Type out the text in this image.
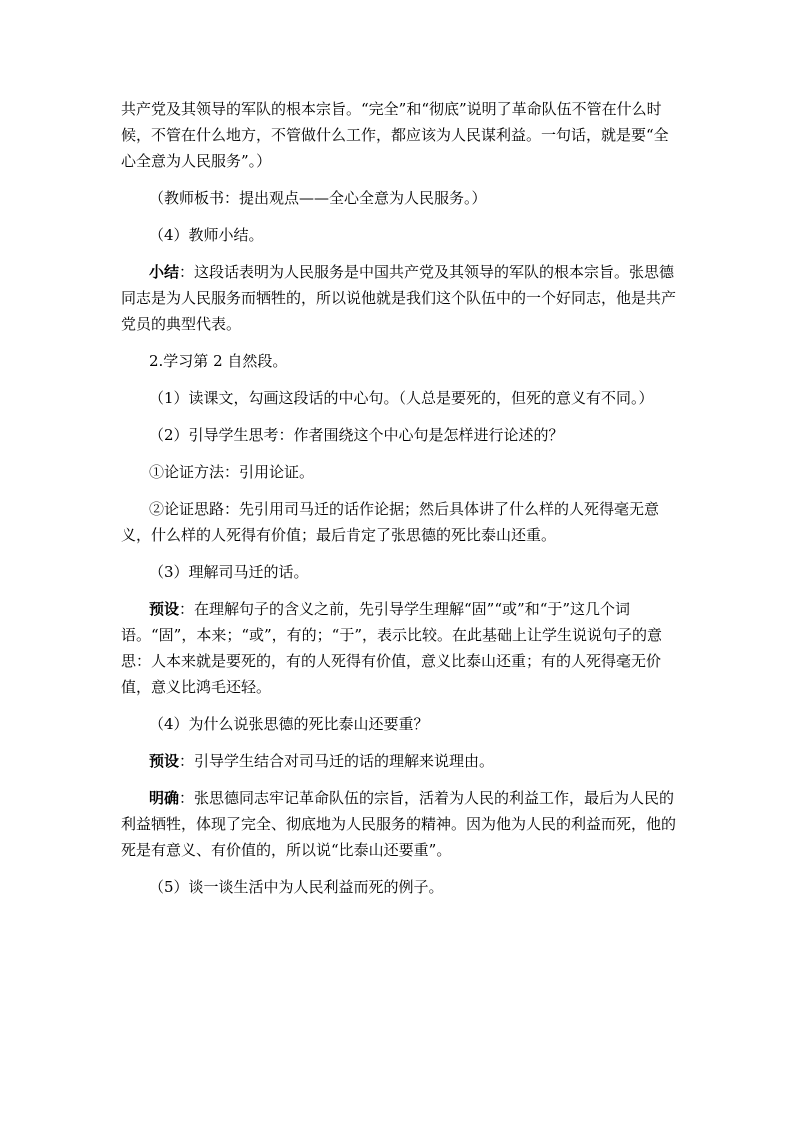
共产党及其领导的军队的根本宗旨。“完全”和“彻底”说明了革命队伍不管在什么时候，不管在什么地方，不管做什么工作，都应该为人民谋利益。一句话，就是要“全心全意为人民服务”。）

（教师板书：提出观点——全心全意为人民服务。）

（4）教师小结。

小结：这段话表明为人民服务是中国共产党及其领导的军队的根本宗旨。张思德同志是为人民服务而牺牲的，所以说他就是我们这个队伍中的一个好同志，他是共产党员的典型代表。

2.学习第 2 自然段。

（1）读课文，勾画这段话的中心句。（人总是要死的，但死的意义有不同。）

（2）引导学生思考：作者围绕这个中心句是怎样进行论述的？

①论证方法：引用论证。

②论证思路：先引用司马迁的话作论据；然后具体讲了什么样的人死得毫无意义，什么样的人死得有价值；最后肯定了张思德的死比泰山还重。

（3）理解司马迁的话。

预设：在理解句子的含义之前，先引导学生理解“固”“或”和“于”这几个词语。“固”，本来；“或”，有的；“于”，表示比较。在此基础上让学生说说句子的意思：人本来就是要死的，有的人死得有价值，意义比泰山还重；有的人死得毫无价值，意义比鸿毛还轻。

（4）为什么说张思德的死比泰山还要重？

预设：引导学生结合对司马迁的话的理解来说理由。

明确：张思德同志牢记革命队伍的宗旨，活着为人民的利益工作，最后为人民的利益牺牲，体现了完全、彻底地为人民服务的精神。因为他为人民的利益而死，他的死是有意义、有价值的，所以说“比泰山还要重”。

（5）谈一谈生活中为人民利益而死的例子。
